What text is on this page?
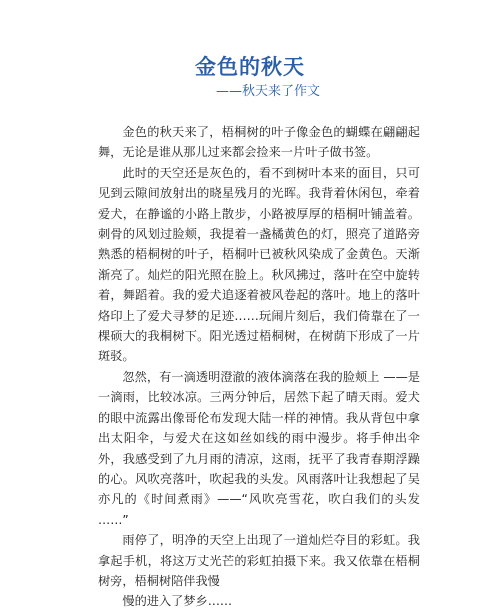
金色的秋天
——秋天来了作文

金色的秋天来了，梧桐树的叶子像金色的蝴蝶在翩翩起舞，无论是谁从那儿过来都会捡来一片叶子做书签。

此时的天空还是灰色的，看不到树叶本来的面目，只可见到云隙间放射出的晓星残月的光晖。我背着休闲包，牵着爱犬，在静谧的小路上散步，小路被厚厚的梧桐叶铺盖着。刺骨的风划过脸颊，我提着一盏橘黄色的灯，照亮了道路旁熟悉的梧桐树的叶子，梧桐叶已被秋风染成了金黄色。天渐渐亮了。灿烂的阳光照在脸上。秋风拂过，落叶在空中旋转着，舞蹈着。我的爱犬追逐着被风卷起的落叶。地上的落叶烙印上了爱犬寻梦的足迹……玩闹片刻后，我们倚靠在了一棵硕大的我桐树下。阳光透过梧桐树，在树荫下形成了一片斑驳。

忽然，有一滴透明澄澈的液体滴落在我的脸颊上 ——是一滴雨，比较冰凉。三两分钟后，居然下起了晴天雨。爱犬的眼中流露出像哥伦布发现大陆一样的神情。我从背包中拿出太阳伞，与爱犬在这如丝如线的雨中漫步。将手伸出伞外，我感受到了九月雨的清凉，这雨，抚平了我青春期浮躁的心。风吹亮落叶，吹起我的头发。风雨落叶让我想起了吴亦凡的《时间煮雨》——“风吹亮雪花，吹白我们的头发 ……”

雨停了，明净的天空上出现了一道灿烂夺目的彩虹。我拿起手机，将这万丈光芒的彩虹拍摄下来。我又依靠在梧桐树旁，梧桐树陪伴我慢

慢的进入了梦乡……
